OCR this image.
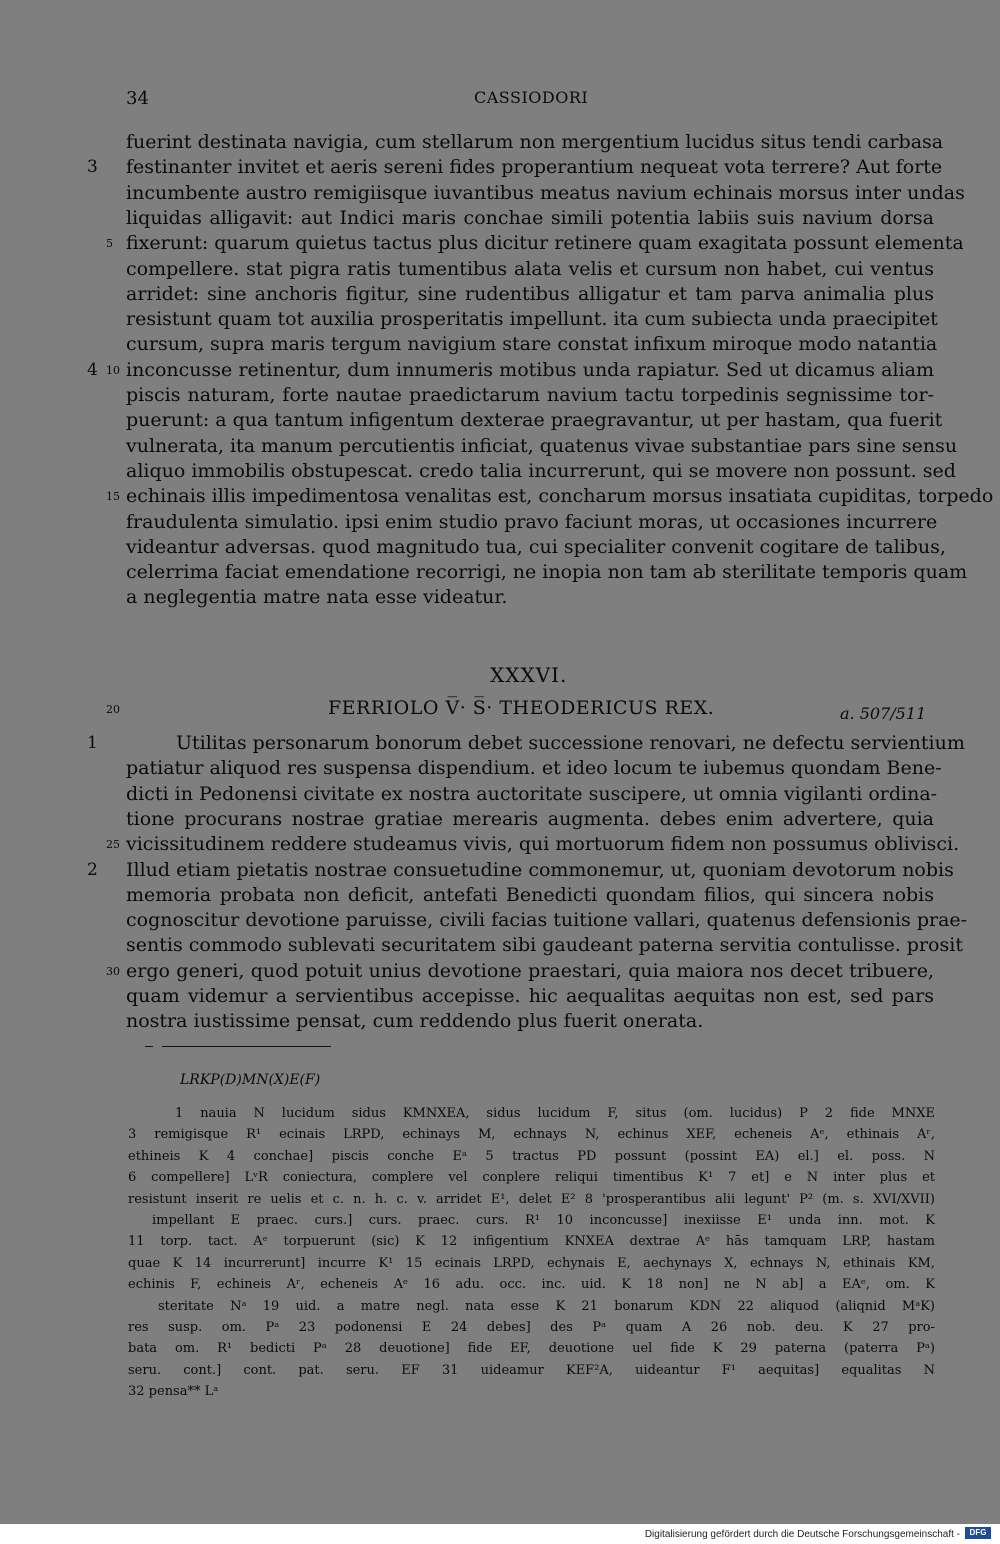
34	CASSIODORI
fuerint destinata navigia, cum stellarum non mergentium lucidus situs tendi carbasa
festinanter invitet et aeris sereni fides properantium nequeat vota terrere? Aut forte
incumbente austro remigiisque iuvantibus meatus navium echinais morsus inter undas
liquidas alligavit: aut Indici maris conchae simili potentia labiis suis navium dorsa
fixerunt: quarum quietus tactus plus dicitur retinere quam exagitata possunt elementa
compellere. stat pigra ratis tumentibus alata velis et cursum non habet, cui ventus
arridet: sine anchoris figitur, sine rudentibus alligatur et tam parva animalia plus
resistunt quam tot auxilia prosperitatis impellunt. ita cum subiecta unda praecipitet
cursum, supra maris tergum navigium stare constat infixum miroque modo natantia
inconcusse retinentur, dum innumeris motibus unda rapiatur. Sed ut dicamus aliam
piscis naturam, forte nautae praedictarum navium tactu torpedinis segnissime tor-
puerunt: a qua tantum infigentum dexterae praegravantur, ut per hastam, qua fuerit
vulnerata, ita manum percutientis inficiat, quatenus vivae substantiae pars sine sensu
aliquo immobilis obstupescat. credo talia incurrerunt, qui se movere non possunt. sed
echinais illis impedimentosa venalitas est, concharum morsus insatiata cupiditas, torpedo
fraudulenta simulatio. ipsi enim studio pravo faciunt moras, ut occasiones incurrere
videantur adversas. quod magnitudo tua, cui specialiter convenit cogitare de talibus,
celerrima faciat emendatione recorrigi, ne inopia non tam ab sterilitate temporis quam
a neglegentia matre nata esse videatur.
3
4
5
10
15
XXXVI.
20	FERRIOLO V̅· S̅· THEODERICUS REX.	a. 507/511
Utilitas personarum bonorum debet successione renovari, ne defectu servientium
patiatur aliquod res suspensa dispendium. et ideo locum te iubemus quondam Bene-
dicti in Pedonensi civitate ex nostra auctoritate suscipere, ut omnia vigilanti ordina-
tione procurans nostrae gratiae merearis augmenta. debes enim advertere, quia
vicissitudinem reddere studeamus vivis, qui mortuorum fidem non possumus oblivisci.
Illud etiam pietatis nostrae consuetudine commonemur, ut, quoniam devotorum nobis
memoria probata non deficit, antefati Benedicti quondam filios, qui sincera nobis
cognoscitur devotione paruisse, civili facias tuitione vallari, quatenus defensionis prae-
sentis commodo sublevati securitatem sibi gaudeant paterna servitia contulisse. prosit
ergo generi, quod potuit unius devotione praestari, quia maiora nos decet tribuere,
quam videmur a servientibus accepisse. hic aequalitas aequitas non est, sed pars
nostra iustissime pensat, cum reddendo plus fuerit onerata.
1
2
25
30
LRKP(D)MN(X)E(F)
1 nauia N lucidum sidus KMNXEA, sidus lucidum F, situs (om. lucidus) P 2 fide MNXE
3 remigisque R¹ ecinais LRPD, echinays M, echnays N, echinus XEF, echeneis Aᵉ, ethinais Aʳ,
ethineis K 4 conchae] piscis conche Eᵃ 5 tractus PD possunt (possint EA) el.] el. poss. N
6 compellere] LᵛR coniectura, complere vel conplere reliqui timentibus K¹ 7 et] e N inter plus et
resistunt inserit re uelis et c. n. h. c. v. arridet E¹, delet E² 8 'prosperantibus alii legunt' P² (m. s. XVI/XVII)
impellant E praec. curs.] curs. praec. curs. R¹ 10 inconcusse] inexiisse E¹ unda inn. mot. K
11 torp. tact. Aᵉ torpuerunt (sic) K 12 infigentium KNXEA dextrae Aᵉ hās tamquam LRP, hastam
quae K 14 incurrerunt] incurre K¹ 15 ecinais LRPD, echynais E, aechynays X, echnays N, ethinais KM,
echinis F, echineis Aʳ, echeneis Aᵉ 16 adu. occ. inc. uid. K 18 non] ne N ab] a EAᵉ, om. K
steritate Nᵃ 19 uid. a matre negl. nata esse K 21 bonarum KDN 22 aliquod (aliqnid MᵃK)
res susp. om. Pᵃ 23 podonensi E 24 debes] des Pᵃ quam A 26 nob. deu. K 27 pro-
bata om. R¹ bedicti Pᵃ 28 deuotione] fide EF, deuotione uel fide K 29 paterna (paterra Pᵃ)
seru. cont.] cont. pat. seru. EF 31 uideamur KEF²A, uideantur F¹ aequitas] equalitas N
32 pensa** Lᵃ
Digitalisierung gefördert durch die Deutsche Forschungsgemeinschaft -	DFG
